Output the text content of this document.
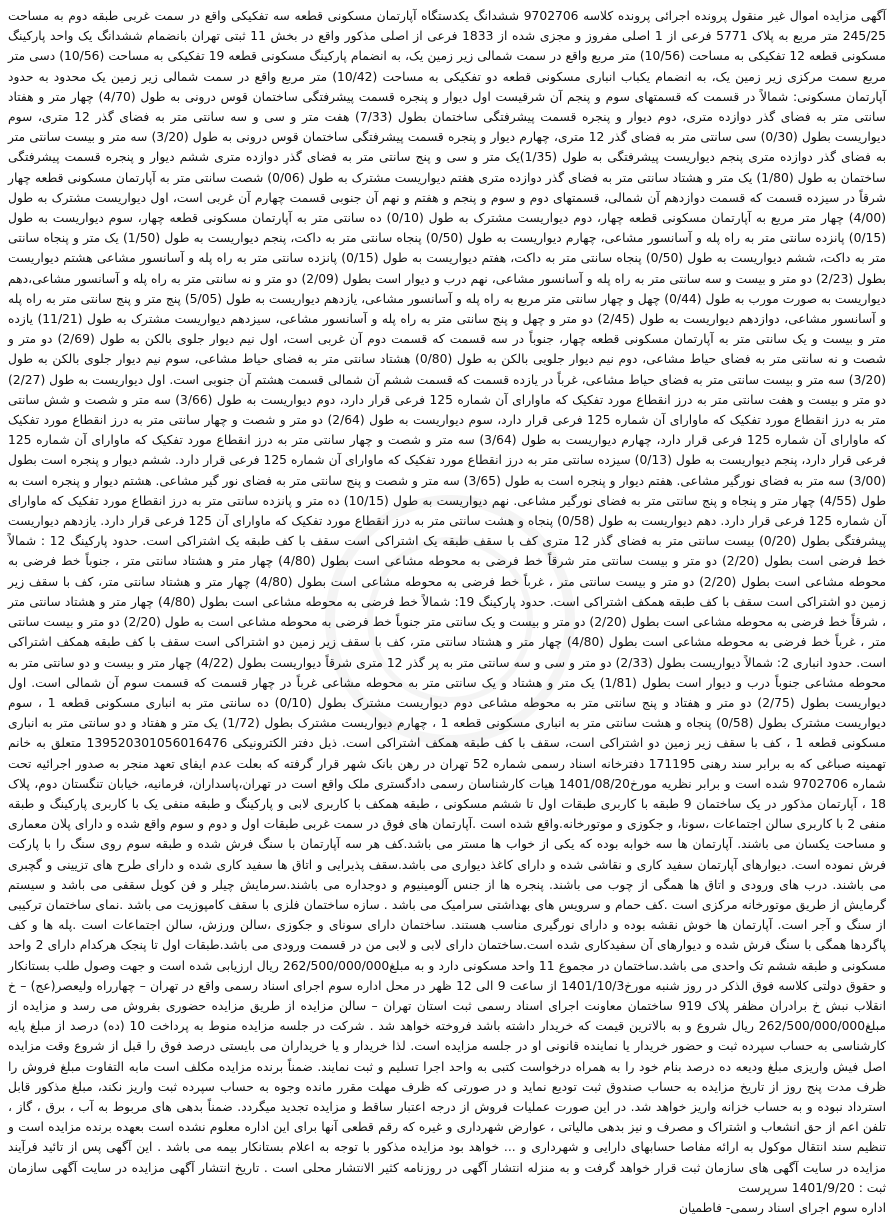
آگهی مزایده اموال غیر منقول پرونده اجرائی پرونده کلاسه 9702706 ششدانگ یکدستگاه آپارتمان مسکونی قطعه سه تفکیکی واقع در سمت غربی طبقه دوم به مساحت 245/25 متر مربع به پلاک 5771 فرعی از 1 اصلی مفروز و مجزی شده از 1833 فرعی از اصلی مذکور واقع در بخش 11 ثبتی تهران بانضمام ششدانگ یک واحد پارکینگ مسکونی قطعه 12 تفکیکی به مساحت (10/56) متر مربع واقع در سمت شمالی زیر زمین یک، به انضمام پارکینگ مسکونی قطعه 19 تفکیکی به مساحت (10/56) دسی متر مربع سمت مرکزی زیر زمین یک، به انضمام یکباب انباری مسکونی قطعه دو تفکیکی به مساحت (10/42) متر مربع واقع در سمت شمالی زیر زمین یک محدود به حدود آپارتمان مسکونی: شمالاً در قسمت که قسمتهای سوم و پنجم آن شرقیست اول دیوار و پنجره قسمت پیشرفتگی ساختمان قوس درونی به طول (4/70) چهار متر و هفتاد سانتی متر به فضای گذر دوازده متری، دوم دیوار و پنجره قسمت پیشرفتگی ساختمان بطول (7/33) هفت متر و سی و سه سانتی متر به فضای گذر 12 متری، سوم دیواریست بطول (0/30) سی سانتی متر به فضای گذر 12 متری، چهارم دیوار و پنجره قسمت پیشرفتگی ساختمان قوس درونی به طول (3/20) سه متر و بیست سانتی متر به فضای گذر دوازده متری پنجم دیواریست پیشرفتگی به طول (1/35)یک متر و سی و پنج سانتی متر به فضای گذر دوازده متری ششم دیوار و پنجره قسمت پیشرفتگی ساختمان به طول (1/80) یک متر و هشتاد سانتی متر به فضای گذر دوازده متری هفتم دیواریست مشترک به طول (0/06) شصت سانتی متر به آپارتمان مسکونی قطعه چهار شرقاً در سیزده قسمت که قسمت دوازدهم آن شمالی، قسمتهای دوم و سوم و پنجم و هفتم و نهم آن جنوبی قسمت چهارم آن غربی است، اول دیواریست مشترک به طول (4/00) چهار متر مربع به آپارتمان مسکونی قطعه چهار، دوم دیواریست مشترک به طول (0/10) ده سانتی متر به آپارتمان مسکونی قطعه چهار، سوم دیواریست به طول (0/15) پانزده سانتی متر به راه پله و آسانسور مشاعی، چهارم دیواریست به طول (0/50) پنجاه سانتی متر به داکت، پنجم دیواریست به طول (1/50) یک متر و پنجاه سانتی متر به داکت، ششم دیواریست به طول (0/50) پنجاه سانتی متر به داکت، هفتم دیواریست به طول (0/15) پانزده سانتی متر به راه پله و آسانسور مشاعی هشتم دیواریست بطول (2/23) دو متر و بیست و سه سانتی متر به راه پله و آسانسور مشاعی، نهم درب و دیوار است بطول (2/09) دو متر و نه سانتی متر به راه پله و آسانسور مشاعی،دهم دیواریست به صورت مورب به طول (0/44) چهل و چهار سانتی متر مربع به راه پله و آسانسور مشاعی، یازدهم دیواریست به طول (5/05) پنج متر و پنج سانتی متر به راه پله و آسانسور مشاعی، دوازدهم دیواریست به طول (2/45) دو متر و چهل و پنج سانتی متر به راه پله و آسانسور مشاعی، سیزدهم دیواریست مشترک به طول (11/21) یازده متر و بیست و یک سانتی متر به آپارتمان مسکونی قطعه چهار، جنوباً در سه قسمت که قسمت دوم آن غربی است، اول نیم دیوار جلوی بالکن به طول (2/69) دو متر و شصت و نه سانتی متر به فضای حیاط مشاعی، دوم نیم دیوار جلویی بالکن به طول (0/80) هشتاد سانتی متر به فضای حیاط مشاعی، سوم نیم دیوار جلوی بالکن به طول (3/20) سه متر و بیست سانتی متر به فضای حیاط مشاعی، غرباً در یازده قسمت که قسمت ششم آن شمالی قسمت هشتم آن جنوبی است. اول دیواریست به طول (2/27) دو متر و بیست و هفت سانتی متر به درز انقطاع مورد تفکیک که ماوارای آن شماره 125 فرعی قرار دارد، دوم دیواریست به طول (3/66) سه متر و شصت و شش سانتی متر به درز انقطاع مورد تفکیک که ماوارای آن شماره 125 فرعی قرار دارد، سوم دیواریست به طول (2/64) دو متر و شصت و چهار سانتی متر به درز انقطاع مورد تفکیک که ماوارای آن شماره 125 فرعی قرار دارد، چهارم دیواریست به طول (3/64) سه متر و شصت و چهار سانتی متر به درز انقطاع مورد تفکیک که ماوارای آن شماره 125 فرعی قرار دارد، پنجم دیواریست به طول (0/13) سیزده سانتی متر به درز انقطاع مورد تفکیک که ماوارای آن شماره 125 فرعی قرار دارد. ششم دیوار و پنجره است بطول (3/00) سه متر به فضای نورگیر مشاعی. هفتم دیوار و پنجره است به طول (3/65) سه متر و شصت و پنج سانتی متر به فضای نور گیر مشاعی. هشتم دیوار و پنجره است به طول (4/55) چهار متر و پنجاه و پنج سانتی متر به فضای نورگیر مشاعی. نهم دیواریست به طول (10/15) ده متر و پانزده سانتی متر به درز انقطاع مورد تفکیک که ماوارای آن شماره 125 فرعی قرار دارد. دهم دیواریست به طول (0/58) پنجاه و هشت سانتی متر به درز انقطاع مورد تفکیک که ماوارای آن 125 فرعی قرار دارد. یازدهم دیواریست پیشرفتگی بطول (0/20) بیست سانتی متر به فضای گذر 12 متری کف با سقف طبقه یک اشتراکی است سقف با کف طبقه یک اشتراکی است. حدود پارکینگ 12 : شمالاً خط فرضی است بطول (2/20) دو متر و بیست سانتی متر شرقاً خط فرضی به محوطه مشاعی است بطول (4/80) چهار متر و هشتاد سانتی متر ، جنوباً خط فرضی به محوطه مشاعی است بطول (2/20) دو متر و بیست سانتی متر ، غرباً خط فرضی به محوطه مشاعی است بطول (4/80) چهار متر و هشتاد سانتی متر، کف با سقف زیر زمین دو اشتراکی است سقف با کف طبقه همکف اشتراکی است. حدود پارکینگ 19: شمالاً خط فرضی به محوطه مشاعی است بطول (4/80) چهار متر و هشتاد سانتی متر ، شرقاً خط فرضی به محوطه مشاعی است بطول (2/20) دو متر و بیست و یک سانتی متر جنوباً خط فرضی به محوطه مشاعی است به طول (2/20) دو متر و بیست سانتی متر ، غرباً خط فرضی به محوطه مشاعی است بطول (4/80) چهار متر و هشتاد سانتی متر، کف با سقف زیر زمین دو اشتراکی است سقف با کف طبقه همکف اشتراکی است. حدود انباری 2: شمالاً دیواریست بطول (2/33) دو متر و سی و سه سانتی متر به پر گذر 12 متری شرقاً دیواریست بطول (4/22) چهار متر و بیست و دو سانتی متر به محوطه مشاعی جنوباً درب و دیوار است بطول (1/81) یک متر و هشتاد و یک سانتی متر به محوطه مشاعی غرباً در چهار قسمت که قسمت سوم آن شمالی است. اول دیواریست بطول (2/75) دو متر و هفتاد و پنج سانتی متر به محوطه مشاعی دوم دیواریست مشترک بطول (0/10) ده سانتی متر به انباری مسکونی قطعه 1 ، سوم دیواریست مشترک بطول (0/58) پنجاه و هشت سانتی متر به انباری مسکونی قطعه 1 ، چهارم دیواریست مشترک بطول (1/72) یک متر و هفتاد و دو سانتی متر به انباری مسکونی قطعه 1 ، کف با سقف زیر زمین دو اشتراکی است، سقف با کف طبقه همکف اشتراکی است. ذیل دفتر الکترونیکی 139520301056016476 متعلق به خانم تهمینه صباغی که به برابر سند رهنی 171195 دفترخانه اسناد رسمی شماره 52 تهران در رهن بانک شهر قرار گرفته که بعلت عدم ایفای تعهد منجر به صدور اجرائیه تحت شماره 9702706 شده است و برابر نظریه مورخ1401/08/20 هیات کارشناسان رسمی دادگستری ملک واقع است در تهران،پاسداران، فرمانیه، خیابان تنگستان دوم، پلاک 18 ، آپارتمان مذکور در یک ساختمان 9 طبقه با کاربری طبقات اول تا ششم مسکونی ، طبقه همکف با کاربری لابی و پارکینگ و طبقه منفی یک با کاربری پارکینگ و طبقه منفی 2 با کاربری سالن اجتماعات ،سونا، و جکوزی و موتورخانه.واقع شده است .آپارتمان های فوق در سمت غربی طبقات اول و دوم و سوم واقع شده و دارای پلان معماری و مساحت یکسان می باشند. آپارتمان ها سه خوابه بوده که یکی از خواب ها مستر می باشد.کف هر سه آپارتمان با سنگ فرش شده و طبقه سوم روی سنگ را با پارکت فرش نموده است. دیوارهای آپارتمان سفید کاری و نقاشی شده و دارای کاغذ دیواری می باشد.سقف پذیرایی و اتاق ها سفید کاری شده و دارای طرح های تزیینی و گچبری می باشند. درب های ورودی و اتاق ها همگی از چوب می باشند. پنجره ها از جنس آلومینیوم و دوجداره می باشند.سرمایش چیلر و فن کویل سقفی می باشد و سیستم گرمایش از طریق موتورخانه مرکزی است .کف حمام و سرویس های بهداشتی سرامیک می باشد . سازه ساختمان فلزی با سقف کامپوزیت می باشد .نمای ساختمان ترکیبی از سنگ و آجر است. آپارتمان ها خوش نقشه بوده و دارای نورگیری مناسب هستند. ساختمان دارای سونای و جکوزی ،سالن ورزش، سالن اجتماعات است .پله ها و کف پاگردها همگی با سنگ فرش شده و دیوارهای آن سفیدکاری شده است.ساختمان دارای لابی و لابی من در قسمت ورودی می باشد.طبقات اول تا پنجک هرکدام دارای 2 واحد مسکونی و طبقه ششم تک واحدی می باشد.ساختمان در مجموع 11 واحد مسکونی دارد و به مبلغ262/500/000/000 ریال ارزیابی شده است و جهت وصول طلب بستانکار و حقوق دولتی کلاسه فوق الذکر در روز شنبه مورخ1401/10/3 از ساعت 9 الی 12 ظهر در محل اداره سوم اجرای اسناد رسمی واقع در تهران – چهارراه ولیعصر(عج) – خ انقلاب نبش خ برادران مظفر پلاک 919 ساختمان معاونت اجرای اسناد رسمی ثبت استان تهران – سالن مزایده از طریق مزایده حضوری بفروش می رسد و مزایده از مبلغ262/500/000/000 ریال شروع و به بالاترین قیمت که خریدار داشته باشد فروخته خواهد شد . شرکت در جلسه مزایده منوط به پرداخت 10 (ده) درصد از مبلغ پایه کارشناسی به حساب سپرده ثبت و حضور خریدار یا نماینده قانونی او در جلسه مزایده است. لذا خریدار و یا خریداران می بایستی درصد فوق را قبل از شروع وقت مزایده اصل فیش واریزی مبلغ ودیعه ده درصد بنام خود را به همراه درخواست کتبی به واحد اجرا تسلیم و ثبت نمایند. ضمناً برنده مزایده مکلف است مابه التفاوت مبلغ فروش را ظرف مدت پنج روز از تاریخ مزایده به حساب صندوق ثبت تودیع نماید و در صورتی که ظرف مهلت مقرر مانده وجوه به حساب سپرده ثبت واریز نکند، مبلغ مذکور قابل استرداد نبوده و به حساب خزانه واریز خواهد شد. در این صورت عملیات فروش از درجه اعتبار ساقط و مزایده تجدید میگردد. ضمناً بدهی های مربوط به آب ، برق ، گاز ، تلفن اعم از حق انشعاب و اشتراک و مصرف و نیز بدهی مالیاتی ، عوارض شهرداری و غیره که رقم قطعی آنها برای این اداره معلوم نشده است بعهده برنده مزایده است و تنظیم سند انتقال موکول به ارائه مفاصا حسابهای دارایی و شهرداری و ... خواهد بود مزایده مذکور با توجه به اعلام بستانکار بیمه می باشد . این آگهی پس از تائید فرآیند مزایده در سایت آگهی های سازمان ثبت قرار خواهد گرفت و به منزله انتشار آگهی در روزنامه کثیر الانتشار محلی است . تاریخ انتشار آگهی مزایده در سایت آگهی سازمان ثبت : 1401/9/20 سرپرست
اداره سوم اجرای اسناد رسمی- فاطمیان
